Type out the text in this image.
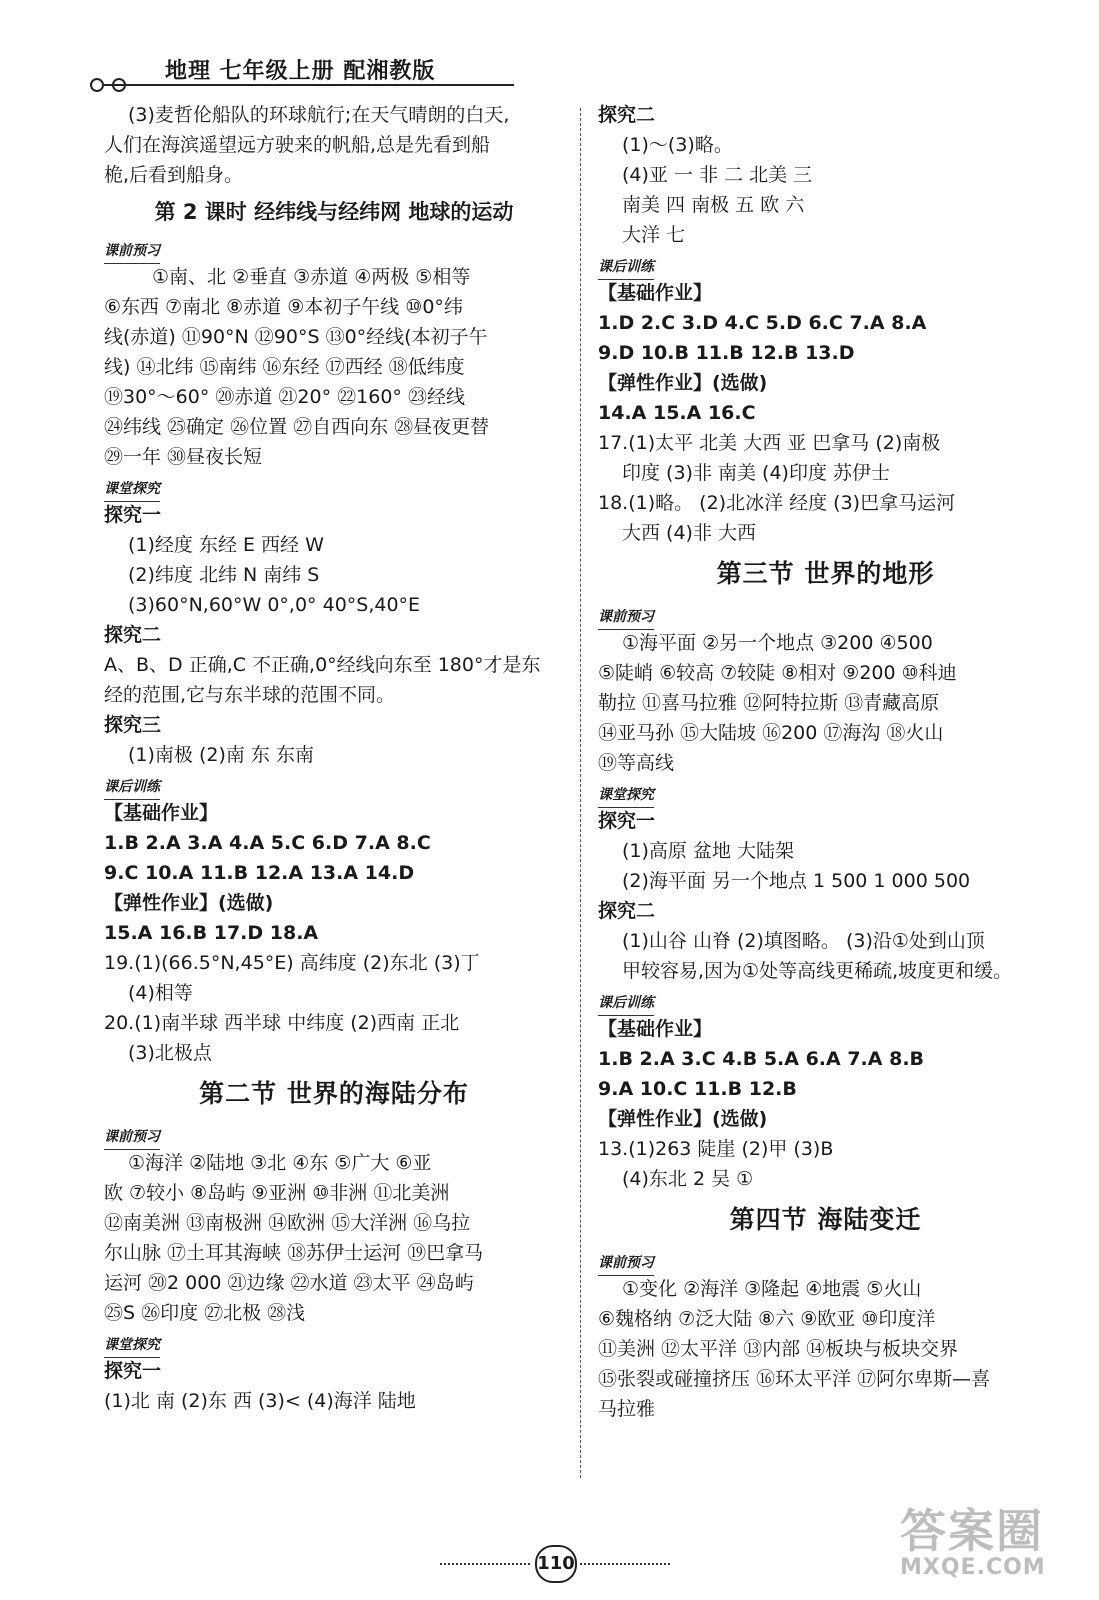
地理 七年级上册 配湘教版
(3)麦哲伦船队的环球航行;在天气晴朗的白天,
人们在海滨遥望远方驶来的帆船,总是先看到船
桅,后看到船身。
第 2 课时 经纬线与经纬网 地球的运动
课前预习
①南、北 ②垂直 ③赤道 ④两极 ⑤相等
⑥东西 ⑦南北 ⑧赤道 ⑨本初子午线 ⑩0°纬
线(赤道) ⑪90°N ⑫90°S ⑬0°经线(本初子午
线) ⑭北纬 ⑮南纬 ⑯东经 ⑰西经 ⑱低纬度
⑲30°～60° ⑳赤道 ㉑20° ㉒160° ㉓经线
㉔纬线 ㉕确定 ㉖位置 ㉗自西向东 ㉘昼夜更替
㉙一年 ㉚昼夜长短
课堂探究
探究一
(1)经度 东经 E 西经 W
(2)纬度 北纬 N 南纬 S
(3)60°N,60°W 0°,0° 40°S,40°E
探究二
A、B、D 正确,C 不正确,0°经线向东至 180°才是东
经的范围,它与东半球的范围不同。
探究三
(1)南极 (2)南 东 东南
课后训练
【基础作业】
1.B 2.A 3.A 4.A 5.C 6.D 7.A 8.C
9.C 10.A 11.B 12.A 13.A 14.D
【弹性作业】(选做)
15.A 16.B 17.D 18.A
19.(1)(66.5°N,45°E) 高纬度 (2)东北 (3)丁
(4)相等
20.(1)南半球 西半球 中纬度 (2)西南 正北
(3)北极点
第二节 世界的海陆分布
课前预习
①海洋 ②陆地 ③北 ④东 ⑤广大 ⑥亚
欧 ⑦较小 ⑧岛屿 ⑨亚洲 ⑩非洲 ⑪北美洲
⑫南美洲 ⑬南极洲 ⑭欧洲 ⑮大洋洲 ⑯乌拉
尔山脉 ⑰土耳其海峡 ⑱苏伊士运河 ⑲巴拿马
运河 ⑳2 000 ㉑边缘 ㉒水道 ㉓太平 ㉔岛屿
㉕S ㉖印度 ㉗北极 ㉘浅
课堂探究
探究一
(1)北 南 (2)东 西 (3)< (4)海洋 陆地
探究二
(1)～(3)略。
(4)亚 一 非 二 北美 三
南美 四 南极 五 欧 六
大洋 七
课后训练
【基础作业】
1.D 2.C 3.D 4.C 5.D 6.C 7.A 8.A
9.D 10.B 11.B 12.B 13.D
【弹性作业】(选做)
14.A 15.A 16.C
17.(1)太平 北美 大西 亚 巴拿马 (2)南极
印度 (3)非 南美 (4)印度 苏伊士
18.(1)略。 (2)北冰洋 经度 (3)巴拿马运河
大西 (4)非 大西
第三节 世界的地形
课前预习
①海平面 ②另一个地点 ③200 ④500
⑤陡峭 ⑥较高 ⑦较陡 ⑧相对 ⑨200 ⑩科迪
勒拉 ⑪喜马拉雅 ⑫阿特拉斯 ⑬青藏高原
⑭亚马孙 ⑮大陆坡 ⑯200 ⑰海沟 ⑱火山
⑲等高线
课堂探究
探究一
(1)高原 盆地 大陆架
(2)海平面 另一个地点 1 500 1 000 500
探究二
(1)山谷 山脊 (2)填图略。 (3)沿①处到山顶
甲较容易,因为①处等高线更稀疏,坡度更和缓。
课后训练
【基础作业】
1.B 2.A 3.C 4.B 5.A 6.A 7.A 8.B
9.A 10.C 11.B 12.B
【弹性作业】(选做)
13.(1)263 陡崖 (2)甲 (3)B
(4)东北 2 吴 ①
第四节 海陆变迁
课前预习
①变化 ②海洋 ③隆起 ④地震 ⑤火山
⑥魏格纳 ⑦泛大陆 ⑧六 ⑨欧亚 ⑩印度洋
⑪美洲 ⑫太平洋 ⑬内部 ⑭板块与板块交界
⑮张裂或碰撞挤压 ⑯环太平洋 ⑰阿尔卑斯—喜
马拉雅
110
答案圈
MXQE.COM
